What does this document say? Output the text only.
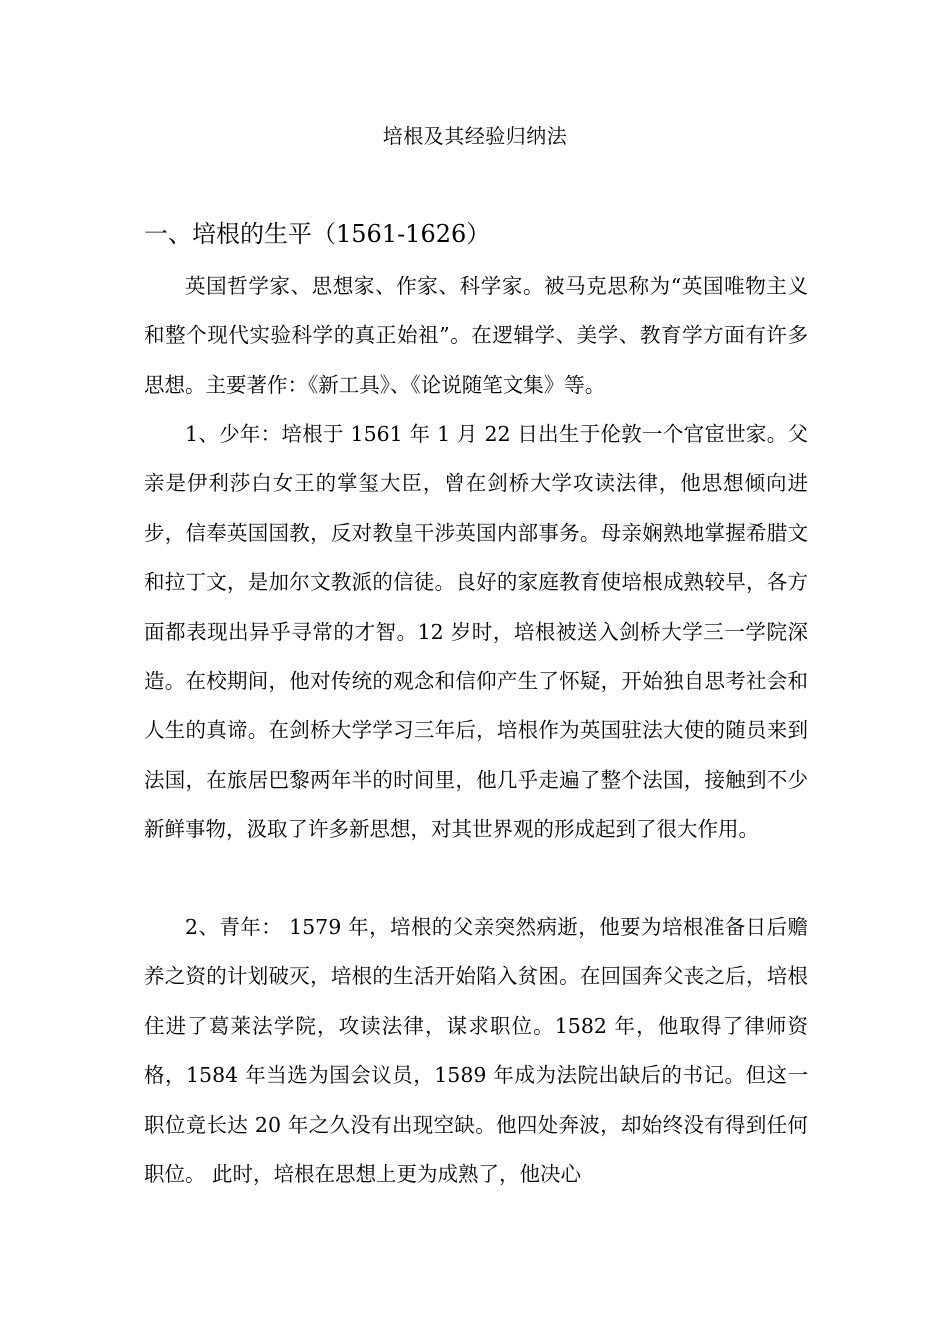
培根及其经验归纳法
一、培根的生平（1561-1626）

英国哲学家、思想家、作家、科学家。被马克思称为“英国唯物主义和整个现代实验科学的真正始祖”。在逻辑学、美学、教育学方面有许多思想。主要著作：《新工具》、《论说随笔文集》等。

1、少年：培根于 1561 年 1 月 22 日出生于伦敦一个官宦世家。父亲是伊利莎白女王的掌玺大臣，曾在剑桥大学攻读法律，他思想倾向进步，信奉英国国教，反对教皇干涉英国内部事务。母亲娴熟地掌握希腊文和拉丁文，是加尔文教派的信徒。良好的家庭教育使培根成熟较早，各方面都表现出异乎寻常的才智。12 岁时，培根被送入剑桥大学三一学院深造。在校期间，他对传统的观念和信仰产生了怀疑，开始独自思考社会和人生的真谛。在剑桥大学学习三年后，培根作为英国驻法大使的随员来到法国，在旅居巴黎两年半的时间里，他几乎走遍了整个法国，接触到不少新鲜事物，汲取了许多新思想，对其世界观的形成起到了很大作用。

2、青年： 1579 年，培根的父亲突然病逝，他要为培根准备日后赡养之资的计划破灭，培根的生活开始陷入贫困。在回国奔父丧之后，培根住进了葛莱法学院，攻读法律，谋求职位。1582 年，他取得了律师资格，1584 年当选为国会议员，1589 年成为法院出缺后的书记。但这一职位竟长达 20 年之久没有出现空缺。他四处奔波，却始终没有得到任何职位。 此时，培根在思想上更为成熟了，他决心
